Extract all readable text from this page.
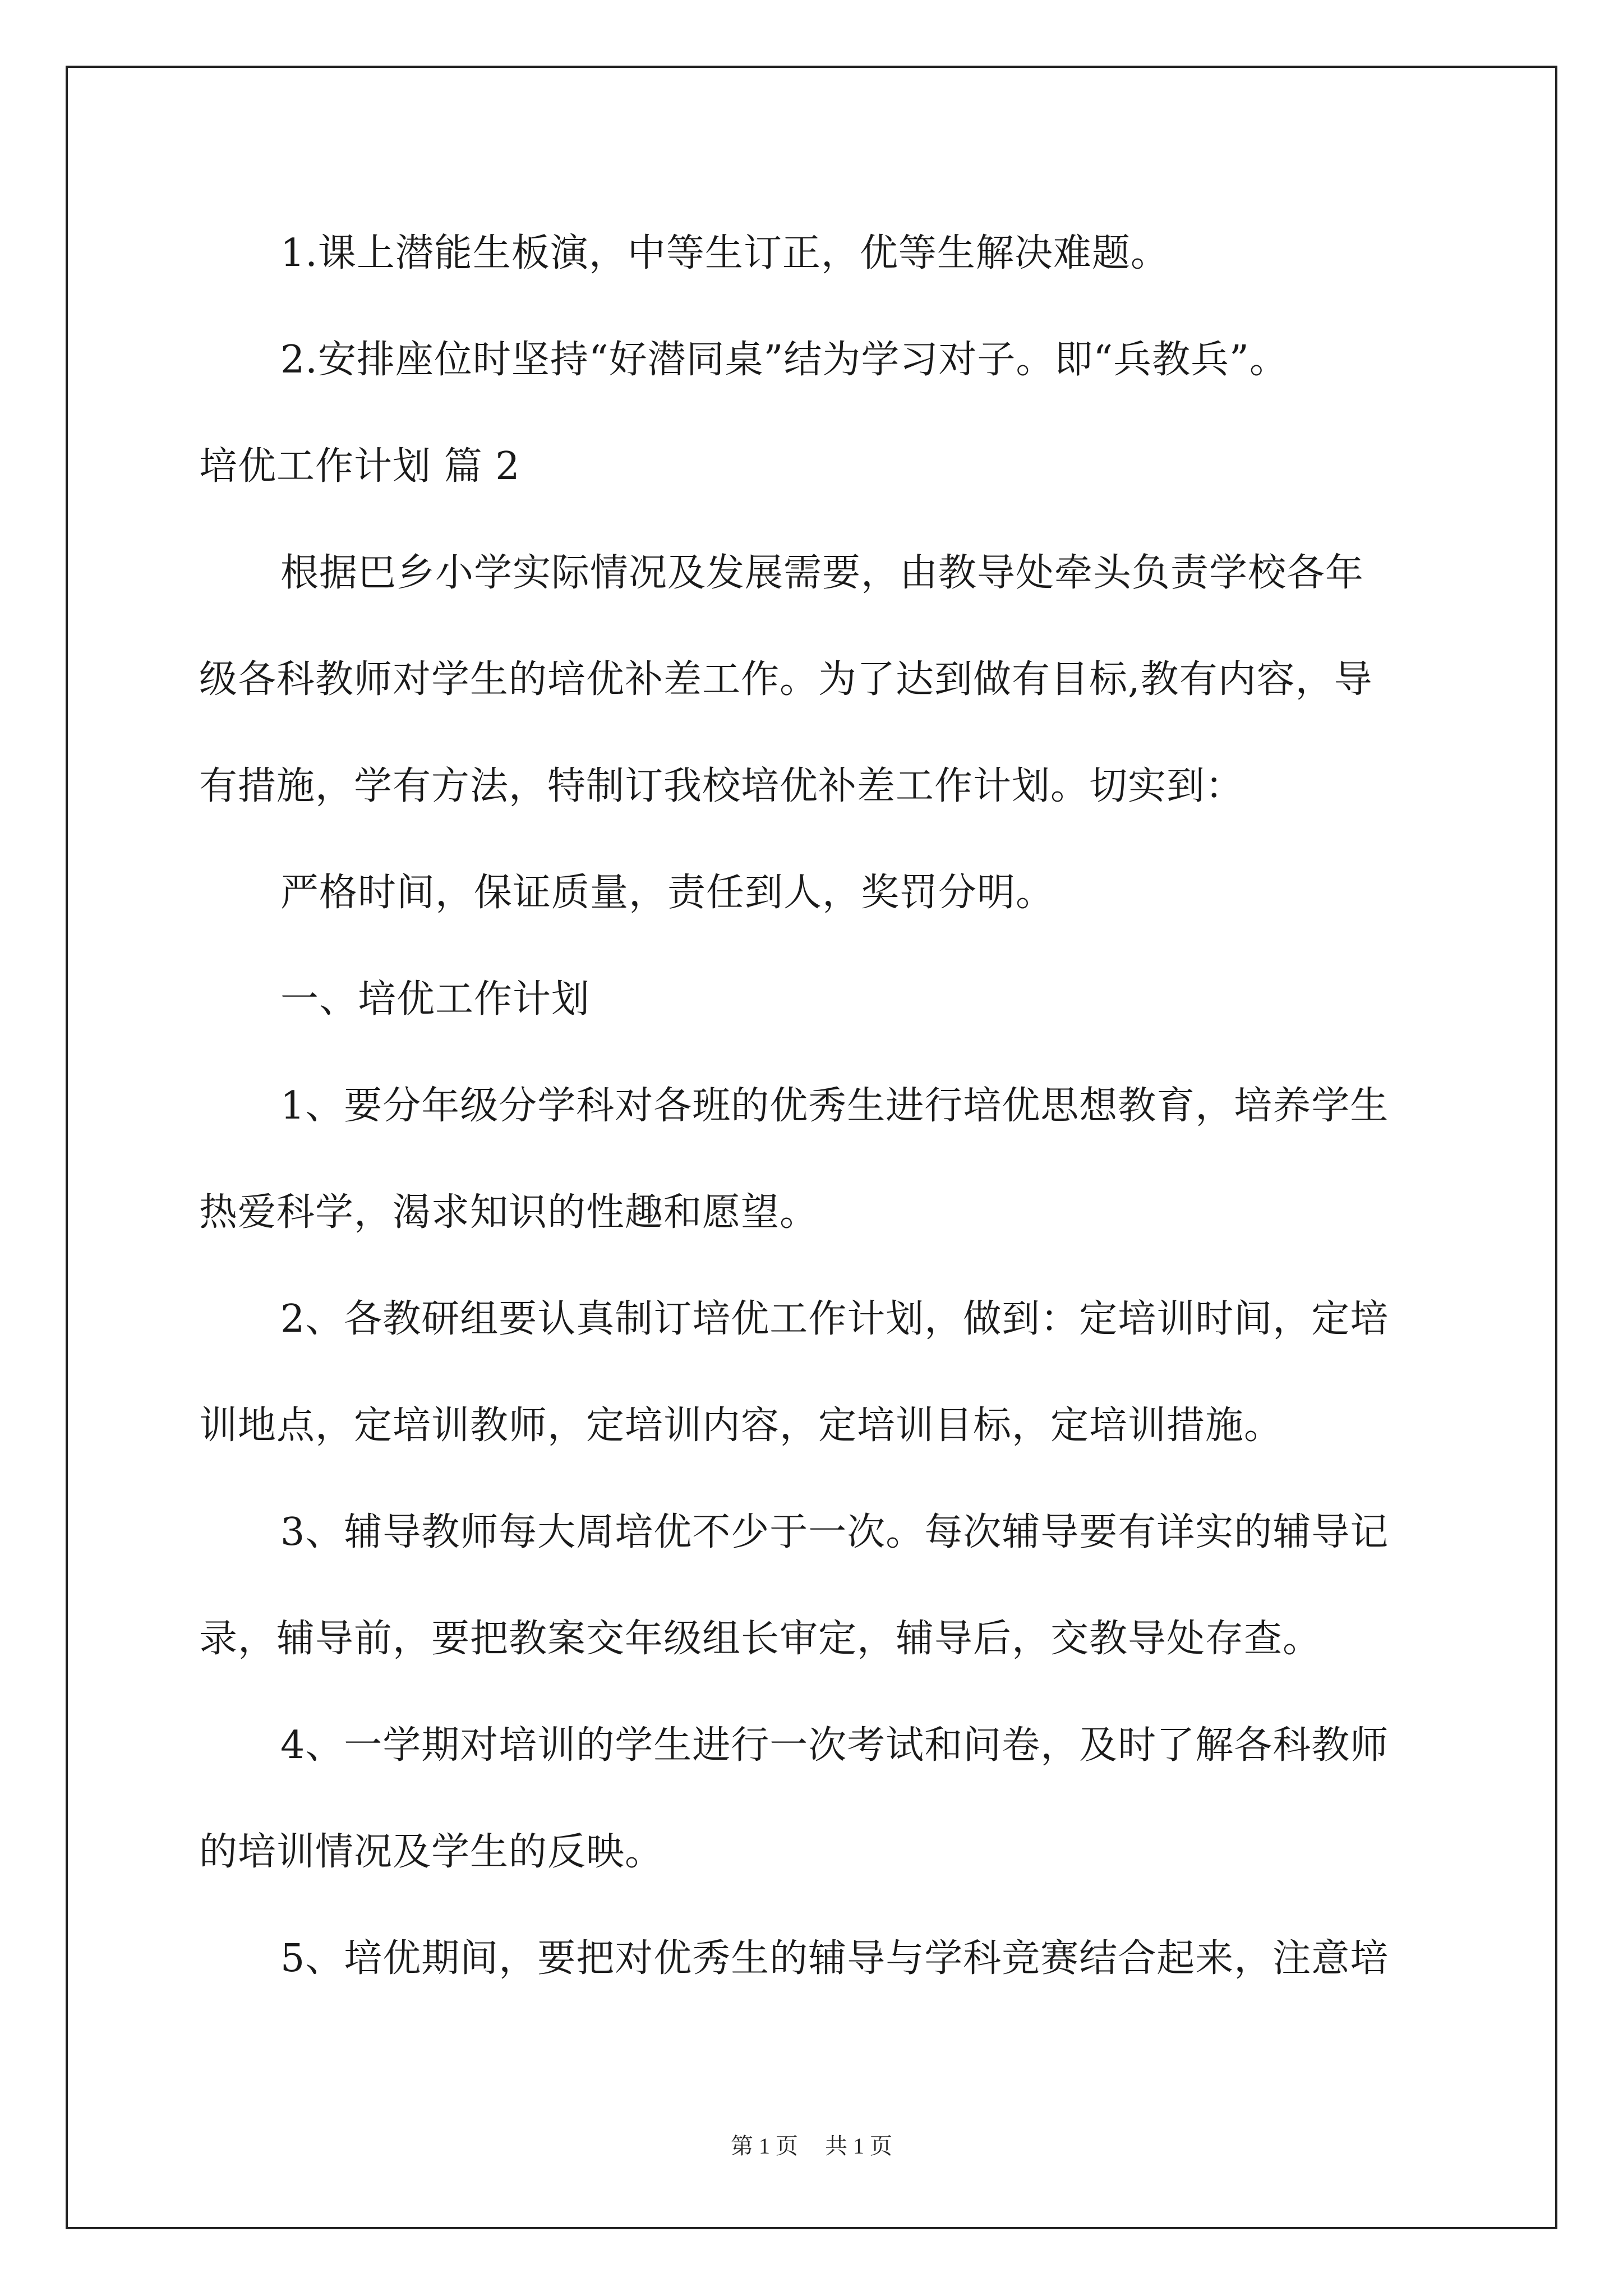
1.课上潜能生板演，中等生订正，优等生解决难题。
2.安排座位时坚持“好潜同桌”结为学习对子。即“兵教兵”。
培优工作计划 篇 2
根据巴乡小学实际情况及发展需要，由教导处牵头负责学校各年
级各科教师对学生的培优补差工作。为了达到做有目标,教有内容，导
有措施，学有方法，特制订我校培优补差工作计划。切实到：
严格时间，保证质量，责任到人，奖罚分明。
一、培优工作计划
1、要分年级分学科对各班的优秀生进行培优思想教育，培养学生
热爱科学，渴求知识的性趣和愿望。
2、各教研组要认真制订培优工作计划，做到：定培训时间，定培
训地点，定培训教师，定培训内容，定培训目标，定培训措施。
3、辅导教师每大周培优不少于一次。每次辅导要有详实的辅导记
录，辅导前，要把教案交年级组长审定，辅导后，交教导处存查。
4、一学期对培训的学生进行一次考试和问卷，及时了解各科教师
的培训情况及学生的反映。
5、培优期间，要把对优秀生的辅导与学科竞赛结合起来，注意培
第 1 页 共 1 页
